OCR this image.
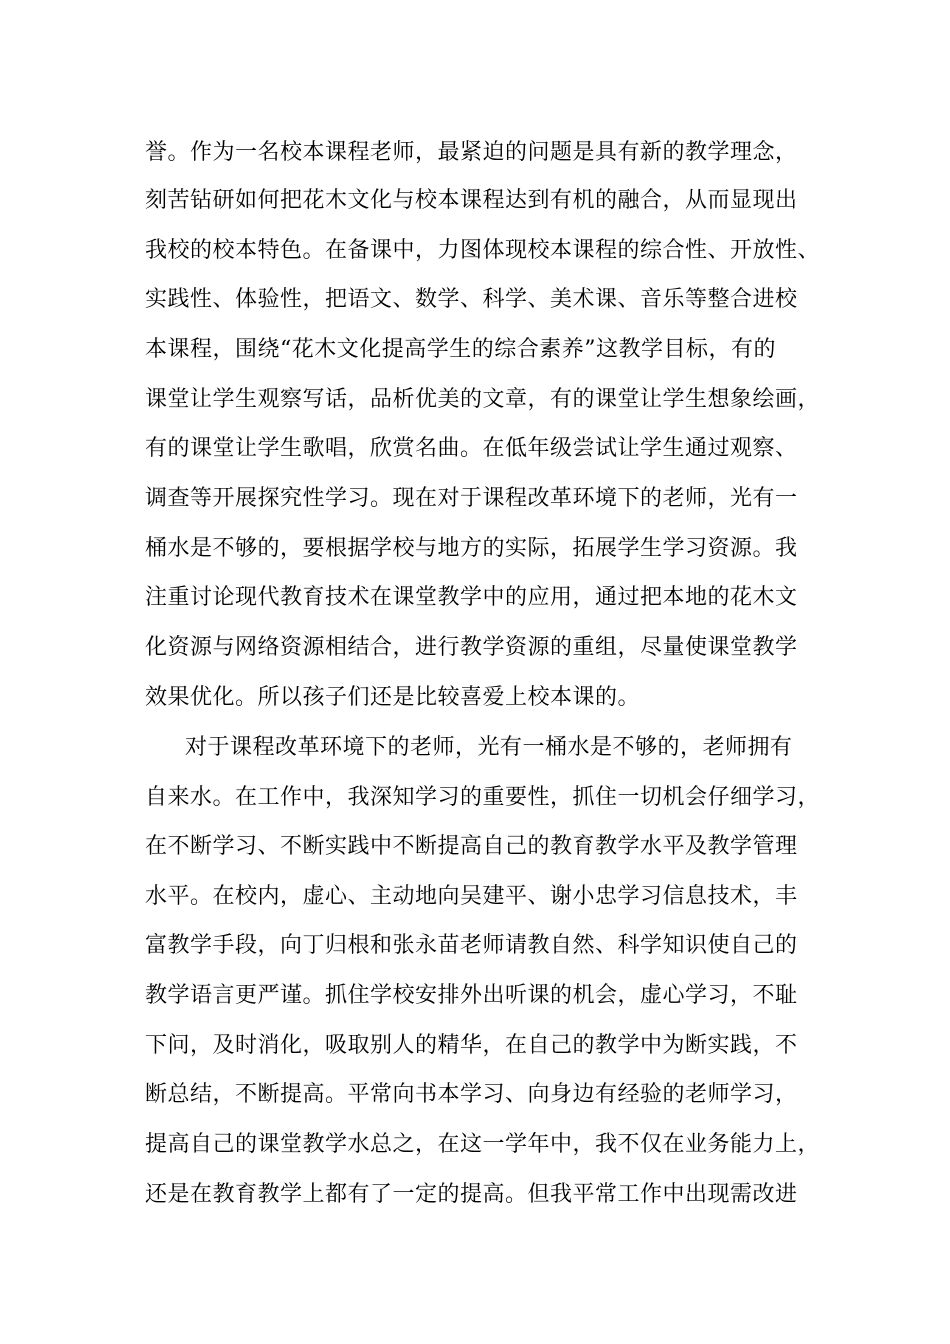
誉。作为一名校本课程老师，最紧迫的问题是具有新的教学理念，
刻苦钻研如何把花木文化与校本课程达到有机的融合，从而显现出
我校的校本特色。在备课中，力图体现校本课程的综合性、开放性、
实践性、体验性，把语文、数学、科学、美术课、音乐等整合进校
本课程，围绕“花木文化提高学生的综合素养”这教学目标，有的
课堂让学生观察写话，品析优美的文章，有的课堂让学生想象绘画，
有的课堂让学生歌唱，欣赏名曲。在低年级尝试让学生通过观察、
调查等开展探究性学习。现在对于课程改革环境下的老师，光有一
桶水是不够的，要根据学校与地方的实际，拓展学生学习资源。我
注重讨论现代教育技术在课堂教学中的应用，通过把本地的花木文
化资源与网络资源相结合，进行教学资源的重组，尽量使课堂教学
效果优化。所以孩子们还是比较喜爱上校本课的。
对于课程改革环境下的老师，光有一桶水是不够的，老师拥有
自来水。在工作中，我深知学习的重要性，抓住一切机会仔细学习，
在不断学习、不断实践中不断提高自己的教育教学水平及教学管理
水平。在校内，虚心、主动地向吴建平、谢小忠学习信息技术，丰
富教学手段，向丁归根和张永苗老师请教自然、科学知识使自己的
教学语言更严谨。抓住学校安排外出听课的机会，虚心学习，不耻
下问，及时消化，吸取别人的精华，在自己的教学中为断实践，不
断总结，不断提高。平常向书本学习、向身边有经验的老师学习，
提高自己的课堂教学水总之，在这一学年中，我不仅在业务能力上，
还是在教育教学上都有了一定的提高。但我平常工作中出现需改进
